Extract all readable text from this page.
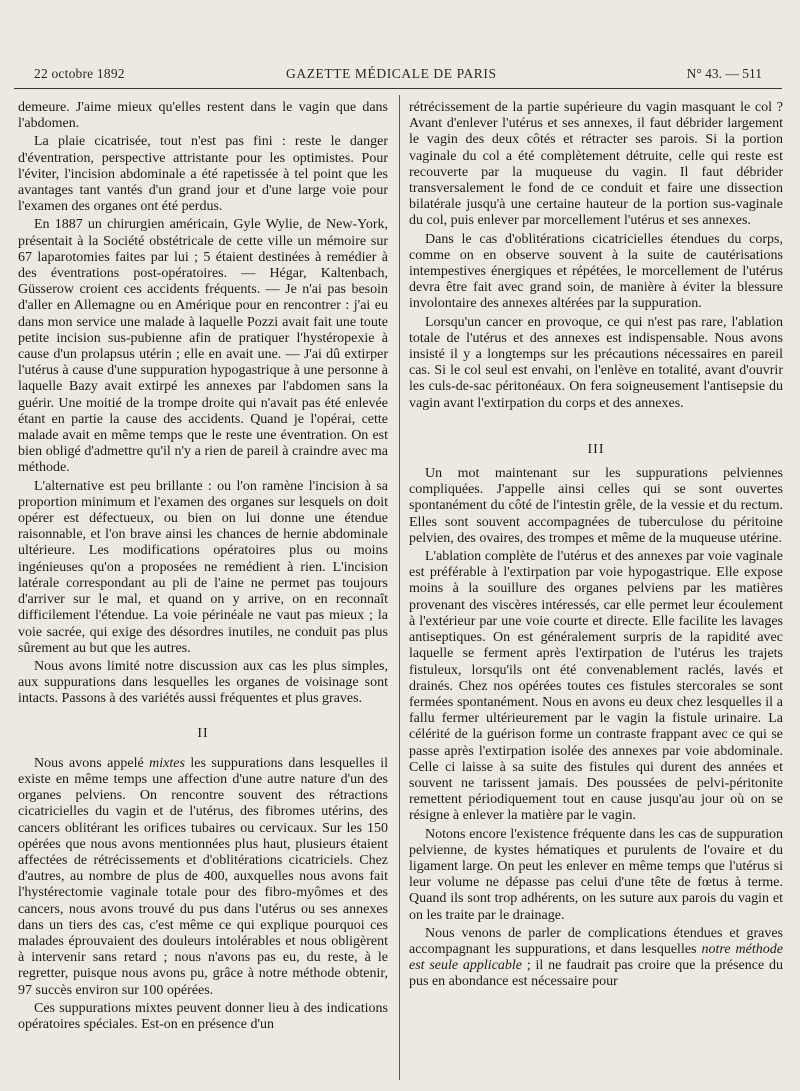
22 octobre 1892	GAZETTE MÉDICALE DE PARIS	N° 43. — 511

demeure. J'aime mieux qu'elles restent dans le vagin que dans l'abdomen.

La plaie cicatrisée, tout n'est pas fini : reste le danger d'éventration, perspective attristante pour les optimistes. Pour l'éviter, l'incision abdominale a été rapetissée à tel point que les avantages tant vantés d'un grand jour et d'une large voie pour l'examen des organes ont été perdus.

En 1887 un chirurgien américain, Gyle Wylie, de New-York, présentait à la Société obstétricale de cette ville un mémoire sur 67 laparotomies faites par lui ; 5 étaient destinées à remédier à des éventrations post-opératoires. — Hégar, Kaltenbach, Güsserow croient ces accidents fréquents. — Je n'ai pas besoin d'aller en Allemagne ou en Amérique pour en rencontrer : j'ai eu dans mon service une malade à laquelle Pozzi avait fait une toute petite incision sus-pubienne afin de pratiquer l'hystéropexie à cause d'un prolapsus utérin ; elle en avait une. — J'ai dû extirper l'utérus à cause d'une suppuration hypogastrique à une personne à laquelle Bazy avait extirpé les annexes par l'abdomen sans la guérir. Une moitié de la trompe droite qui n'avait pas été enlevée étant en partie la cause des accidents. Quand je l'opérai, cette malade avait en même temps que le reste une éventration. On est bien obligé d'admettre qu'il n'y a rien de pareil à craindre avec ma méthode.

L'alternative est peu brillante : ou l'on ramène l'incision à sa proportion minimum et l'examen des organes sur lesquels on doit opérer est défectueux, ou bien on lui donne une étendue raisonnable, et l'on brave ainsi les chances de hernie abdominale ultérieure. Les modifications opératoires plus ou moins ingénieuses qu'on a proposées ne remédient à rien. L'incision latérale correspondant au pli de l'aine ne permet pas toujours d'arriver sur le mal, et quand on y arrive, on en reconnaît difficilement l'étendue. La voie périnéale ne vaut pas mieux ; la voie sacrée, qui exige des désordres inutiles, ne conduit pas plus sûrement au but que les autres.

Nous avons limité notre discussion aux cas les plus simples, aux suppurations dans lesquelles les organes de voisinage sont intacts. Passons à des variétés aussi fréquentes et plus graves.

II

Nous avons appelé mixtes les suppurations dans lesquelles il existe en même temps une affection d'une autre nature d'un des organes pelviens. On rencontre souvent des rétractions cicatricielles du vagin et de l'utérus, des fibromes utérins, des cancers oblitérant les orifices tubaires ou cervicaux. Sur les 150 opérées que nous avons mentionnées plus haut, plusieurs étaient affectées de rétrécissements et d'oblitérations cicatriciels. Chez d'autres, au nombre de plus de 400, auxquelles nous avons fait l'hystérectomie vaginale totale pour des fibro-myômes et des cancers, nous avons trouvé du pus dans l'utérus ou ses annexes dans un tiers des cas, c'est même ce qui explique pourquoi ces malades éprouvaient des douleurs intolérables et nous obligèrent à intervenir sans retard ; nous n'avons pas eu, du reste, à le regretter, puisque nous avons pu, grâce à notre méthode obtenir, 97 succès environ sur 100 opérées.

Ces suppurations mixtes peuvent donner lieu à des indications opératoires spéciales. Est-on en présence d'un

rétrécissement de la partie supérieure du vagin masquant le col ? Avant d'enlever l'utérus et ses annexes, il faut débrider largement le vagin des deux côtés et rétracter ses parois. Si la portion vaginale du col a été complètement détruite, celle qui reste est recouverte par la muqueuse du vagin. Il faut débrider transversalement le fond de ce conduit et faire une dissection bilatérale jusqu'à une certaine hauteur de la portion sus-vaginale du col, puis enlever par morcellement l'utérus et ses annexes.

Dans le cas d'oblitérations cicatricielles étendues du corps, comme on en observe souvent à la suite de cautérisations intempestives énergiques et répétées, le morcellement de l'utérus devra être fait avec grand soin, de manière à éviter la blessure involontaire des annexes altérées par la suppuration.

Lorsqu'un cancer en provoque, ce qui n'est pas rare, l'ablation totale de l'utérus et des annexes est indispensable. Nous avons insisté il y a longtemps sur les précautions nécessaires en pareil cas. Si le col seul est envahi, on l'enlève en totalité, avant d'ouvrir les culs-de-sac péritonéaux. On fera soigneusement l'antisepsie du vagin avant l'extirpation du corps et des annexes.

III

Un mot maintenant sur les suppurations pelviennes compliquées. J'appelle ainsi celles qui se sont ouvertes spontanément du côté de l'intestin grêle, de la vessie et du rectum. Elles sont souvent accompagnées de tuberculose du péritoine pelvien, des ovaires, des trompes et même de la muqueuse utérine.

L'ablation complète de l'utérus et des annexes par voie vaginale est préférable à l'extirpation par voie hypogastrique. Elle expose moins à la souillure des organes pelviens par les matières provenant des viscères intéressés, car elle permet leur écoulement à l'extérieur par une voie courte et directe. Elle facilite les lavages antiseptiques. On est généralement surpris de la rapidité avec laquelle se ferment après l'extirpation de l'utérus les trajets fistuleux, lorsqu'ils ont été convenablement raclés, lavés et drainés. Chez nos opérées toutes ces fistules stercorales se sont fermées spontanément. Nous en avons eu deux chez lesquelles il a fallu fermer ultérieurement par le vagin la fistule urinaire. La célérité de la guérison forme un contraste frappant avec ce qui se passe après l'extirpation isolée des annexes par voie abdominale. Celle ci laisse à sa suite des fistules qui durent des années et souvent ne tarissent jamais. Des poussées de pelvi-péritonite remettent périodiquement tout en cause jusqu'au jour où on se résigne à enlever la matière par le vagin.

Notons encore l'existence fréquente dans les cas de suppuration pelvienne, de kystes hématiques et purulents de l'ovaire et du ligament large. On peut les enlever en même temps que l'utérus si leur volume ne dépasse pas celui d'une tête de fœtus à terme. Quand ils sont trop adhérents, on les suture aux parois du vagin et on les traite par le drainage.

Nous venons de parler de complications étendues et graves accompagnant les suppurations, et dans lesquelles notre méthode est seule applicable ; il ne faudrait pas croire que la présence du pus en abondance est nécessaire pour
